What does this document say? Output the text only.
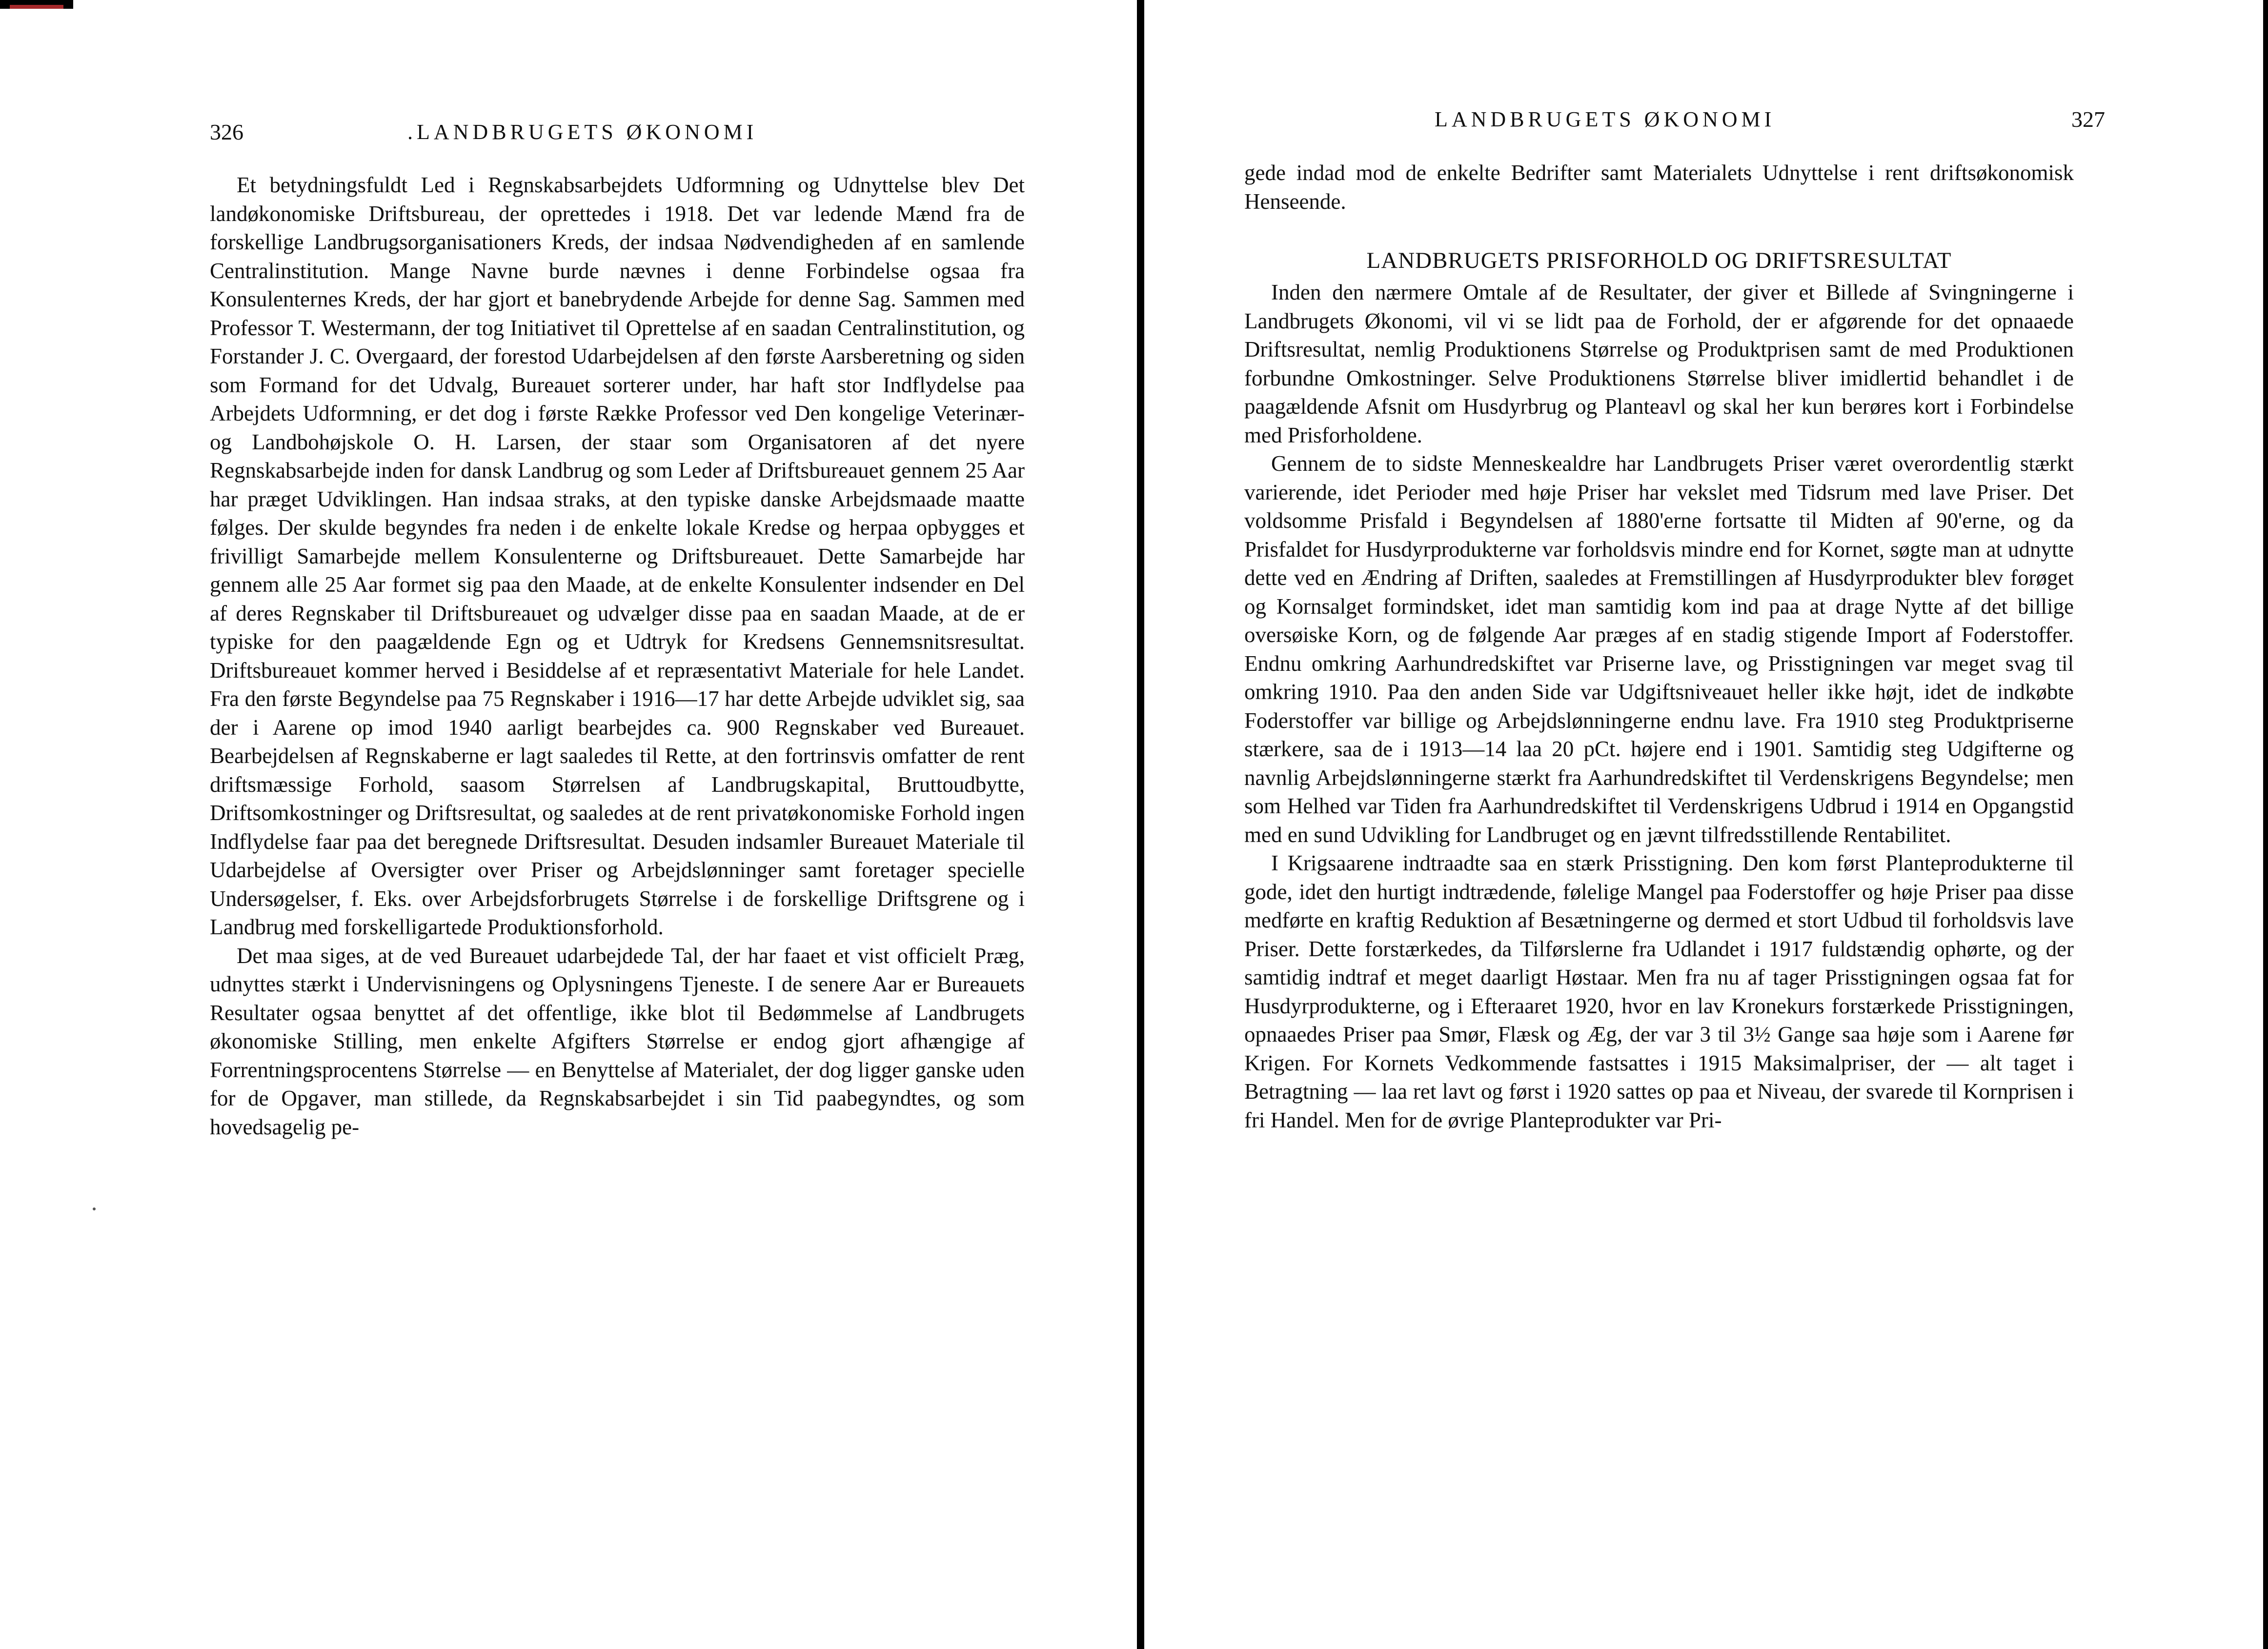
326	.LANDBRUGETS ØKONOMI

Et betydningsfuldt Led i Regnskabsarbejdets Udformning og Udnyttelse blev Det landøkonomiske Driftsbureau, der oprettedes i 1918. Det var ledende Mænd fra de forskellige Landbrugsorganisationers Kreds, der indsaa Nødvendigheden af en samlende Centralinstitution. Mange Navne burde nævnes i denne Forbindelse ogsaa fra Konsulenternes Kreds, der har gjort et banebrydende Arbejde for denne Sag. Sammen med Professor T. Westermann, der tog Initiativet til Oprettelse af en saadan Centralinstitution, og Forstander J. C. Overgaard, der forestod Udarbejdelsen af den første Aarsberetning og siden som Formand for det Udvalg, Bureauet sorterer under, har haft stor Indflydelse paa Arbejdets Udformning, er det dog i første Række Professor ved Den kongelige Veterinær- og Landbohøjskole O. H. Larsen, der staar som Organisatoren af det nyere Regnskabsarbejde inden for dansk Landbrug og som Leder af Driftsbureauet gennem 25 Aar har præget Udviklingen. Han indsaa straks, at den typiske danske Arbejdsmaade maatte følges. Der skulde begyndes fra neden i de enkelte lokale Kredse og herpaa opbygges et frivilligt Samarbejde mellem Konsulenterne og Driftsbureauet. Dette Samarbejde har gennem alle 25 Aar formet sig paa den Maade, at de enkelte Konsulenter indsender en Del af deres Regnskaber til Driftsbureauet og udvælger disse paa en saadan Maade, at de er typiske for den paagældende Egn og et Udtryk for Kredsens Gennemsnitsresultat. Driftsbureauet kommer herved i Besiddelse af et repræsentativt Materiale for hele Landet. Fra den første Begyndelse paa 75 Regnskaber i 1916—17 har dette Arbejde udviklet sig, saa der i Aarene op imod 1940 aarligt bearbejdes ca. 900 Regnskaber ved Bureauet. Bearbejdelsen af Regnskaberne er lagt saaledes til Rette, at den fortrinsvis omfatter de rent driftsmæssige Forhold, saasom Størrelsen af Landbrugskapital, Bruttoudbytte, Driftsomkostninger og Driftsresultat, og saaledes at de rent privatøkonomiske Forhold ingen Indflydelse faar paa det beregnede Driftsresultat. Desuden indsamler Bureauet Materiale til Udarbejdelse af Oversigter over Priser og Arbejdslønninger samt foretager specielle Undersøgelser, f. Eks. over Arbejdsforbrugets Størrelse i de forskellige Driftsgrene og i Landbrug med forskelligartede Produktionsforhold.

Det maa siges, at de ved Bureauet udarbejdede Tal, der har faaet et vist officielt Præg, udnyttes stærkt i Undervisningens og Oplysningens Tjeneste. I de senere Aar er Bureauets Resultater ogsaa benyttet af det offentlige, ikke blot til Bedømmelse af Landbrugets økonomiske Stilling, men enkelte Afgifters Størrelse er endog gjort afhængige af Forrentningsprocentens Størrelse — en Benyttelse af Materialet, der dog ligger ganske uden for de Opgaver, man stillede, da Regnskabsarbejdet i sin Tid paabegyndtes, og som hovedsagelig pe-

LANDBRUGETS ØKONOMI	327

gede indad mod de enkelte Bedrifter samt Materialets Udnyttelse i rent driftsøkonomisk Henseende.

LANDBRUGETS PRISFORHOLD OG DRIFTSRESULTAT

Inden den nærmere Omtale af de Resultater, der giver et Billede af Svingningerne i Landbrugets Økonomi, vil vi se lidt paa de Forhold, der er afgørende for det opnaaede Driftsresultat, nemlig Produktionens Størrelse og Produktprisen samt de med Produktionen forbundne Omkostninger. Selve Produktionens Størrelse bliver imidlertid behandlet i de paagældende Afsnit om Husdyrbrug og Planteavl og skal her kun berøres kort i Forbindelse med Prisforholdene.

Gennem de to sidste Menneskealdre har Landbrugets Priser været overordentlig stærkt varierende, idet Perioder med høje Priser har vekslet med Tidsrum med lave Priser. Det voldsomme Prisfald i Begyndelsen af 1880'erne fortsatte til Midten af 90'erne, og da Prisfaldet for Husdyrprodukterne var forholdsvis mindre end for Kornet, søgte man at udnytte dette ved en Ændring af Driften, saaledes at Fremstillingen af Husdyrprodukter blev forøget og Kornsalget formindsket, idet man samtidig kom ind paa at drage Nytte af det billige oversøiske Korn, og de følgende Aar præges af en stadig stigende Import af Foderstoffer. Endnu omkring Aarhundredskiftet var Priserne lave, og Prisstigningen var meget svag til omkring 1910. Paa den anden Side var Udgiftsniveauet heller ikke højt, idet de indkøbte Foderstoffer var billige og Arbejdslønningerne endnu lave. Fra 1910 steg Produktpriserne stærkere, saa de i 1913—14 laa 20 pCt. højere end i 1901. Samtidig steg Udgifterne og navnlig Arbejdslønningerne stærkt fra Aarhundredskiftet til Verdenskrigens Begyndelse; men som Helhed var Tiden fra Aarhundredskiftet til Verdenskrigens Udbrud i 1914 en Opgangstid med en sund Udvikling for Landbruget og en jævnt tilfredsstillende Rentabilitet.

I Krigsaarene indtraadte saa en stærk Prisstigning. Den kom først Planteprodukterne til gode, idet den hurtigt indtrædende, følelige Mangel paa Foderstoffer og høje Priser paa disse medførte en kraftig Reduktion af Besætningerne og dermed et stort Udbud til forholdsvis lave Priser. Dette forstærkedes, da Tilførslerne fra Udlandet i 1917 fuldstændig ophørte, og der samtidig indtraf et meget daarligt Høstaar. Men fra nu af tager Prisstigningen ogsaa fat for Husdyrprodukterne, og i Efteraaret 1920, hvor en lav Kronekurs forstærkede Prisstigningen, opnaaedes Priser paa Smør, Flæsk og Æg, der var 3 til 3½ Gange saa høje som i Aarene før Krigen. For Kornets Vedkommende fastsattes i 1915 Maksimalpriser, der — alt taget i Betragtning — laa ret lavt og først i 1920 sattes op paa et Niveau, der svarede til Kornprisen i fri Handel. Men for de øvrige Planteprodukter var Pri-
